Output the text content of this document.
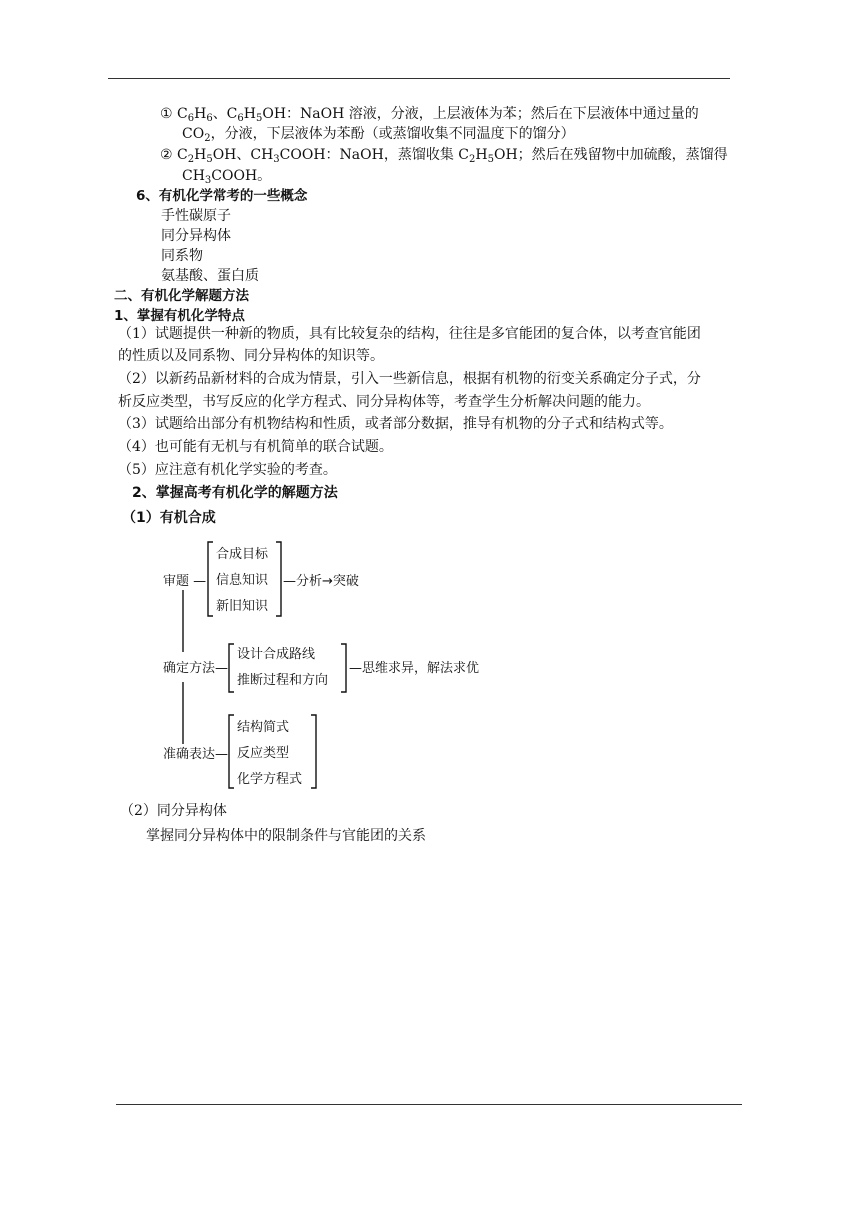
① $C_6H_6$、$C_6H_5OH$：NaOH 溶液，分液，上层液体为苯；然后在下层液体中通过量的
$CO_2$，分液，下层液体为苯酚（或蒸馏收集不同温度下的馏分）
② $C_2H_5OH$、$CH_3COOH$：NaOH，蒸馏收集 $C_2H_5OH$；然后在残留物中加硫酸，蒸馏得
$CH_3COOH$。
6、有机化学常考的一些概念
手性碳原子
同分异构体
同系物
氨基酸、蛋白质
二、有机化学解题方法
1、掌握有机化学特点
（1）试题提供一种新的物质，具有比较复杂的结构，往往是多官能团的复合体，以考查官能团
的性质以及同系物、同分异构体的知识等。
（2）以新药品新材料的合成为情景，引入一些新信息，根据有机物的衍变关系确定分子式，分
析反应类型，书写反应的化学方程式、同分异构体等，考查学生分析解决问题的能力。
（3）试题给出部分有机物结构和性质，或者部分数据，推导有机物的分子式和结构式等。
（4）也可能有无机与有机简单的联合试题。
（5）应注意有机化学实验的考查。
2、掌握高考有机化学的解题方法
（1）有机合成
审题 —
合成目标
信息知识
新旧知识
—分析→突破
确定方法—
设计合成路线
推断过程和方向
—思维求异，解法求优
准确表达—
结构简式
反应类型
化学方程式
（2）同分异构体
掌握同分异构体中的限制条件与官能团的关系
